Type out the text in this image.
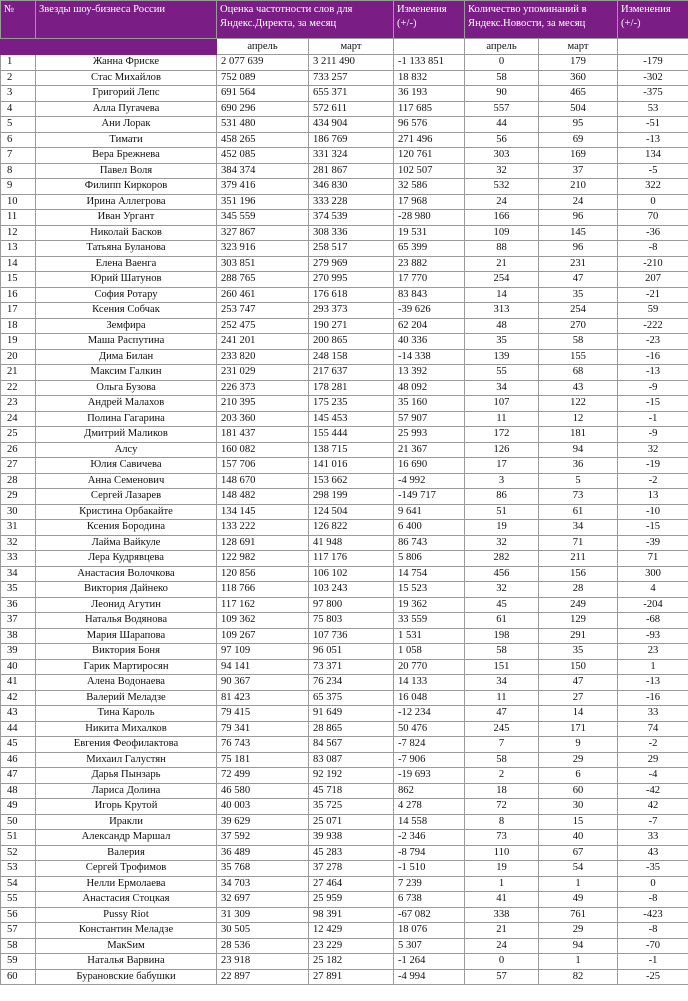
№	Звезды шоу-бизнеса России	Оценка частотности слов для Яндекс.Директа, за месяц		Изменения (+/-)	Количество упоминаний в Яндекс.Новости, за месяц		Изменения (+/-)
		апрель	март		апрель	март	
1	Жанна Фриске	2 077 639	3 211 490	-1 133 851	0	179	-179
2	Стас Михайлов	752 089	733 257	18 832	58	360	-302
3	Григорий Лепс	691 564	655 371	36 193	90	465	-375
4	Алла Пугачева	690 296	572 611	117 685	557	504	53
5	Ани Лорак	531 480	434 904	96 576	44	95	-51
6	Тимати	458 265	186 769	271 496	56	69	-13
7	Вера Брежнева	452 085	331 324	120 761	303	169	134
8	Павел Воля	384 374	281 867	102 507	32	37	-5
9	Филипп Киркоров	379 416	346 830	32 586	532	210	322
10	Ирина Аллегрова	351 196	333 228	17 968	24	24	0
11	Иван Ургант	345 559	374 539	-28 980	166	96	70
12	Николай Басков	327 867	308 336	19 531	109	145	-36
13	Татьяна Буланова	323 916	258 517	65 399	88	96	-8
14	Елена Ваенга	303 851	279 969	23 882	21	231	-210
15	Юрий Шатунов	288 765	270 995	17 770	254	47	207
16	София Ротару	260 461	176 618	83 843	14	35	-21
17	Ксения Собчак	253 747	293 373	-39 626	313	254	59
18	Земфира	252 475	190 271	62 204	48	270	-222
19	Маша Распутина	241 201	200 865	40 336	35	58	-23
20	Дима Билан	233 820	248 158	-14 338	139	155	-16
21	Максим Галкин	231 029	217 637	13 392	55	68	-13
22	Ольга Бузова	226 373	178 281	48 092	34	43	-9
23	Андрей Малахов	210 395	175 235	35 160	107	122	-15
24	Полина Гагарина	203 360	145 453	57 907	11	12	-1
25	Дмитрий Маликов	181 437	155 444	25 993	172	181	-9
26	Алсу	160 082	138 715	21 367	126	94	32
27	Юлия Савичева	157 706	141 016	16 690	17	36	-19
28	Анна Семенович	148 670	153 662	-4 992	3	5	-2
29	Сергей Лазарев	148 482	298 199	-149 717	86	73	13
30	Кристина Орбакайте	134 145	124 504	9 641	51	61	-10
31	Ксения Бородина	133 222	126 822	6 400	19	34	-15
32	Лайма Вайкуле	128 691	41 948	86 743	32	71	-39
33	Лера Кудрявцева	122 982	117 176	5 806	282	211	71
34	Анастасия Волочкова	120 856	106 102	14 754	456	156	300
35	Виктория Дайнеко	118 766	103 243	15 523	32	28	4
36	Леонид Агутин	117 162	97 800	19 362	45	249	-204
37	Наталья Водянова	109 362	75 803	33 559	61	129	-68
38	Мария Шарапова	109 267	107 736	1 531	198	291	-93
39	Виктория Боня	97 109	96 051	1 058	58	35	23
40	Гарик Мартиросян	94 141	73 371	20 770	151	150	1
41	Алена Водонаева	90 367	76 234	14 133	34	47	-13
42	Валерий Меладзе	81 423	65 375	16 048	11	27	-16
43	Тина Кароль	79 415	91 649	-12 234	47	14	33
44	Никита Михалков	79 341	28 865	50 476	245	171	74
45	Евгения Феофилактова	76 743	84 567	-7 824	7	9	-2
46	Михаил Галустян	75 181	83 087	-7 906	58	29	29
47	Дарья Пынзарь	72 499	92 192	-19 693	2	6	-4
48	Лариса Долина	46 580	45 718	862	18	60	-42
49	Игорь Крутой	40 003	35 725	4 278	72	30	42
50	Иракли	39 629	25 071	14 558	8	15	-7
51	Александр Маршал	37 592	39 938	-2 346	73	40	33
52	Валерия	36 489	45 283	-8 794	110	67	43
53	Сергей Трофимов	35 768	37 278	-1 510	19	54	-35
54	Нелли Ермолаева	34 703	27 464	7 239	1	1	0
55	Анастасия Стоцкая	32 697	25 959	6 738	41	49	-8
56	Pussy Riot	31 309	98 391	-67 082	338	761	-423
57	Константин Меладзе	30 505	12 429	18 076	21	29	-8
58	МакSим	28 536	23 229	5 307	24	94	-70
59	Наталья Варвина	23 918	25 182	-1 264	0	1	-1
60	Бурановские бабушки	22 897	27 891	-4 994	57	82	-25
